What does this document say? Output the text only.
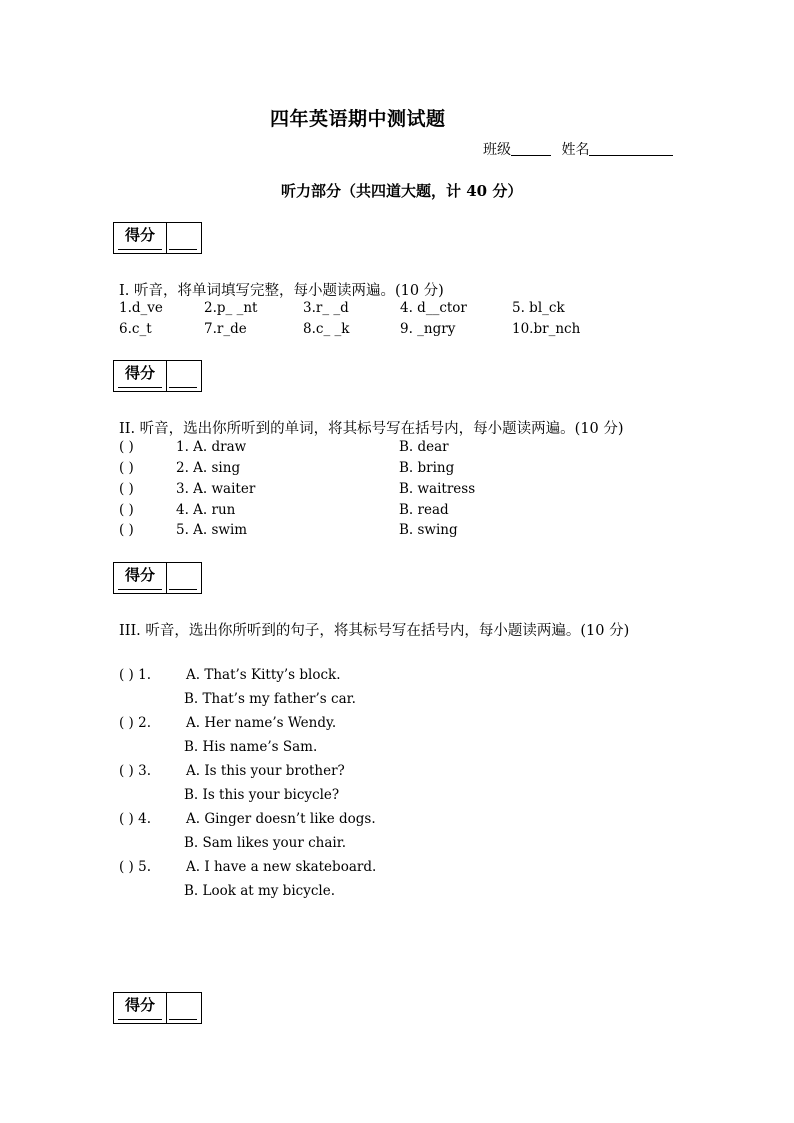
四年英语期中测试题
班级	姓名
听力部分（共四道大题，计 40 分）
得分
I. 听音，将单词填写完整，每小题读两遍。(10 分)
1.d_ve	2.p_ _nt	3.r_ _d	4. d__ctor	5. bl_ck
6.c_t	7.r_de	8.c_ _k	9. _ngry	10.br_nch
得分
II. 听音，选出你所听到的单词，将其标号写在括号内，每小题读两遍。(10 分)
( )	1. A. draw	B. dear
( )	2. A. sing	B. bring
( )	3. A. waiter	B. waitress
( )	4. A. run	B. read
( )	5. A. swim	B. swing
得分
III. 听音，选出你所听到的句子，将其标号写在括号内，每小题读两遍。(10 分)
( ) 1.	A. That’s Kitty’s block.
B. That’s my father’s car.
( ) 2.	A. Her name’s Wendy.
B. His name’s Sam.
( ) 3.	A. Is this your brother?
B. Is this your bicycle?
( ) 4.	A. Ginger doesn’t like dogs.
B. Sam likes your chair.
( ) 5.	A. I have a new skateboard.
B. Look at my bicycle.
得分
